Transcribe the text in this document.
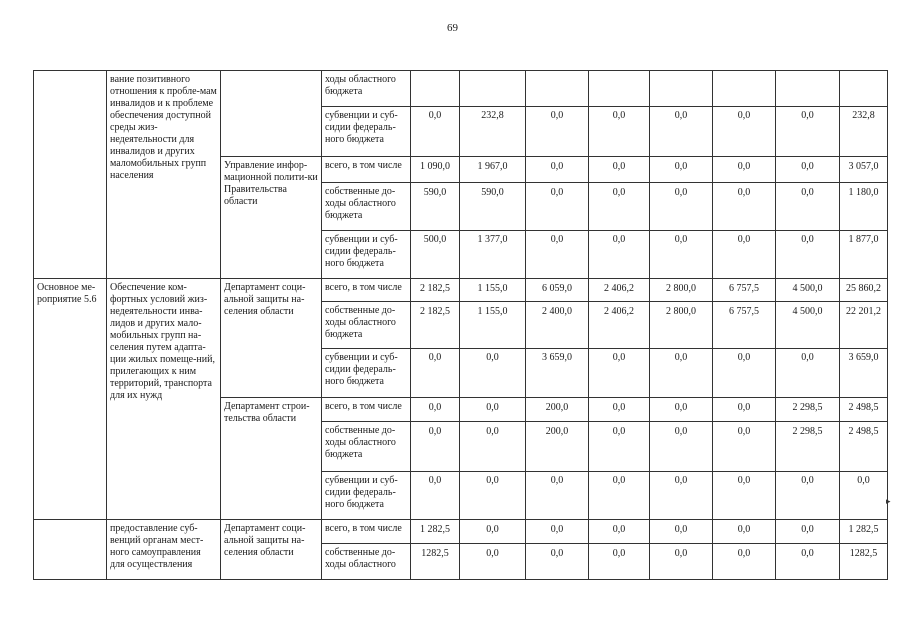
69
	вание позитивного отношения к пробле-мам инвалидов и к проблеме обеспечения доступной среды жиз-недеятельности для инвалидов и других маломобильных групп населения		ходы областного бюджета								
			субвенции и суб-сидии федераль-ного бюджета	0,0	232,8	0,0	0,0	0,0	0,0	0,0	232,8
		Управление инфор-мационной полити-ки Правительства области	всего, в том числе	1 090,0	1 967,0	0,0	0,0	0,0	0,0	0,0	3 057,0
			собственные до-ходы областного бюджета	590,0	590,0	0,0	0,0	0,0	0,0	0,0	1 180,0
			субвенции и суб-сидии федераль-ного бюджета	500,0	1 377,0	0,0	0,0	0,0	0,0	0,0	1 877,0
Основное ме-роприятие 5.6	Обеспечение ком-фортных условий жиз-недеятельности инва-лидов и других мало-мобильных групп на-селения путем адапта-ции жилых помеще-ний, прилегающих к ним территорий, транспорта для их нужд	Департамент соци-альной защиты на-селения области	всего, в том числе	2 182,5	1 155,0	6 059,0	2 406,2	2 800,0	6 757,5	4 500,0	25 860,2
			собственные до-ходы областного бюджета	2 182,5	1 155,0	2 400,0	2 406,2	2 800,0	6 757,5	4 500,0	22 201,2
			субвенции и суб-сидии федераль-ного бюджета	0,0	0,0	3 659,0	0,0	0,0	0,0	0,0	3 659,0
		Департамент строи-тельства области	всего, в том числе	0,0	0,0	200,0	0,0	0,0	0,0	2 298,5	2 498,5
			собственные до-ходы областного бюджета	0,0	0,0	200,0	0,0	0,0	0,0	2 298,5	2 498,5
			субвенции и суб-сидии федераль-ного бюджета	0,0	0,0	0,0	0,0	0,0	0,0	0,0	0,0
	предоставление суб-венций органам мест-ного самоуправления для осуществления	Департамент соци-альной защиты на-селения области	всего, в том числе	1 282,5	0,0	0,0	0,0	0,0	0,0	0,0	1 282,5
			собственные до-ходы областного	1282,5	0,0	0,0	0,0	0,0	0,0	0,0	1282,5
▸
